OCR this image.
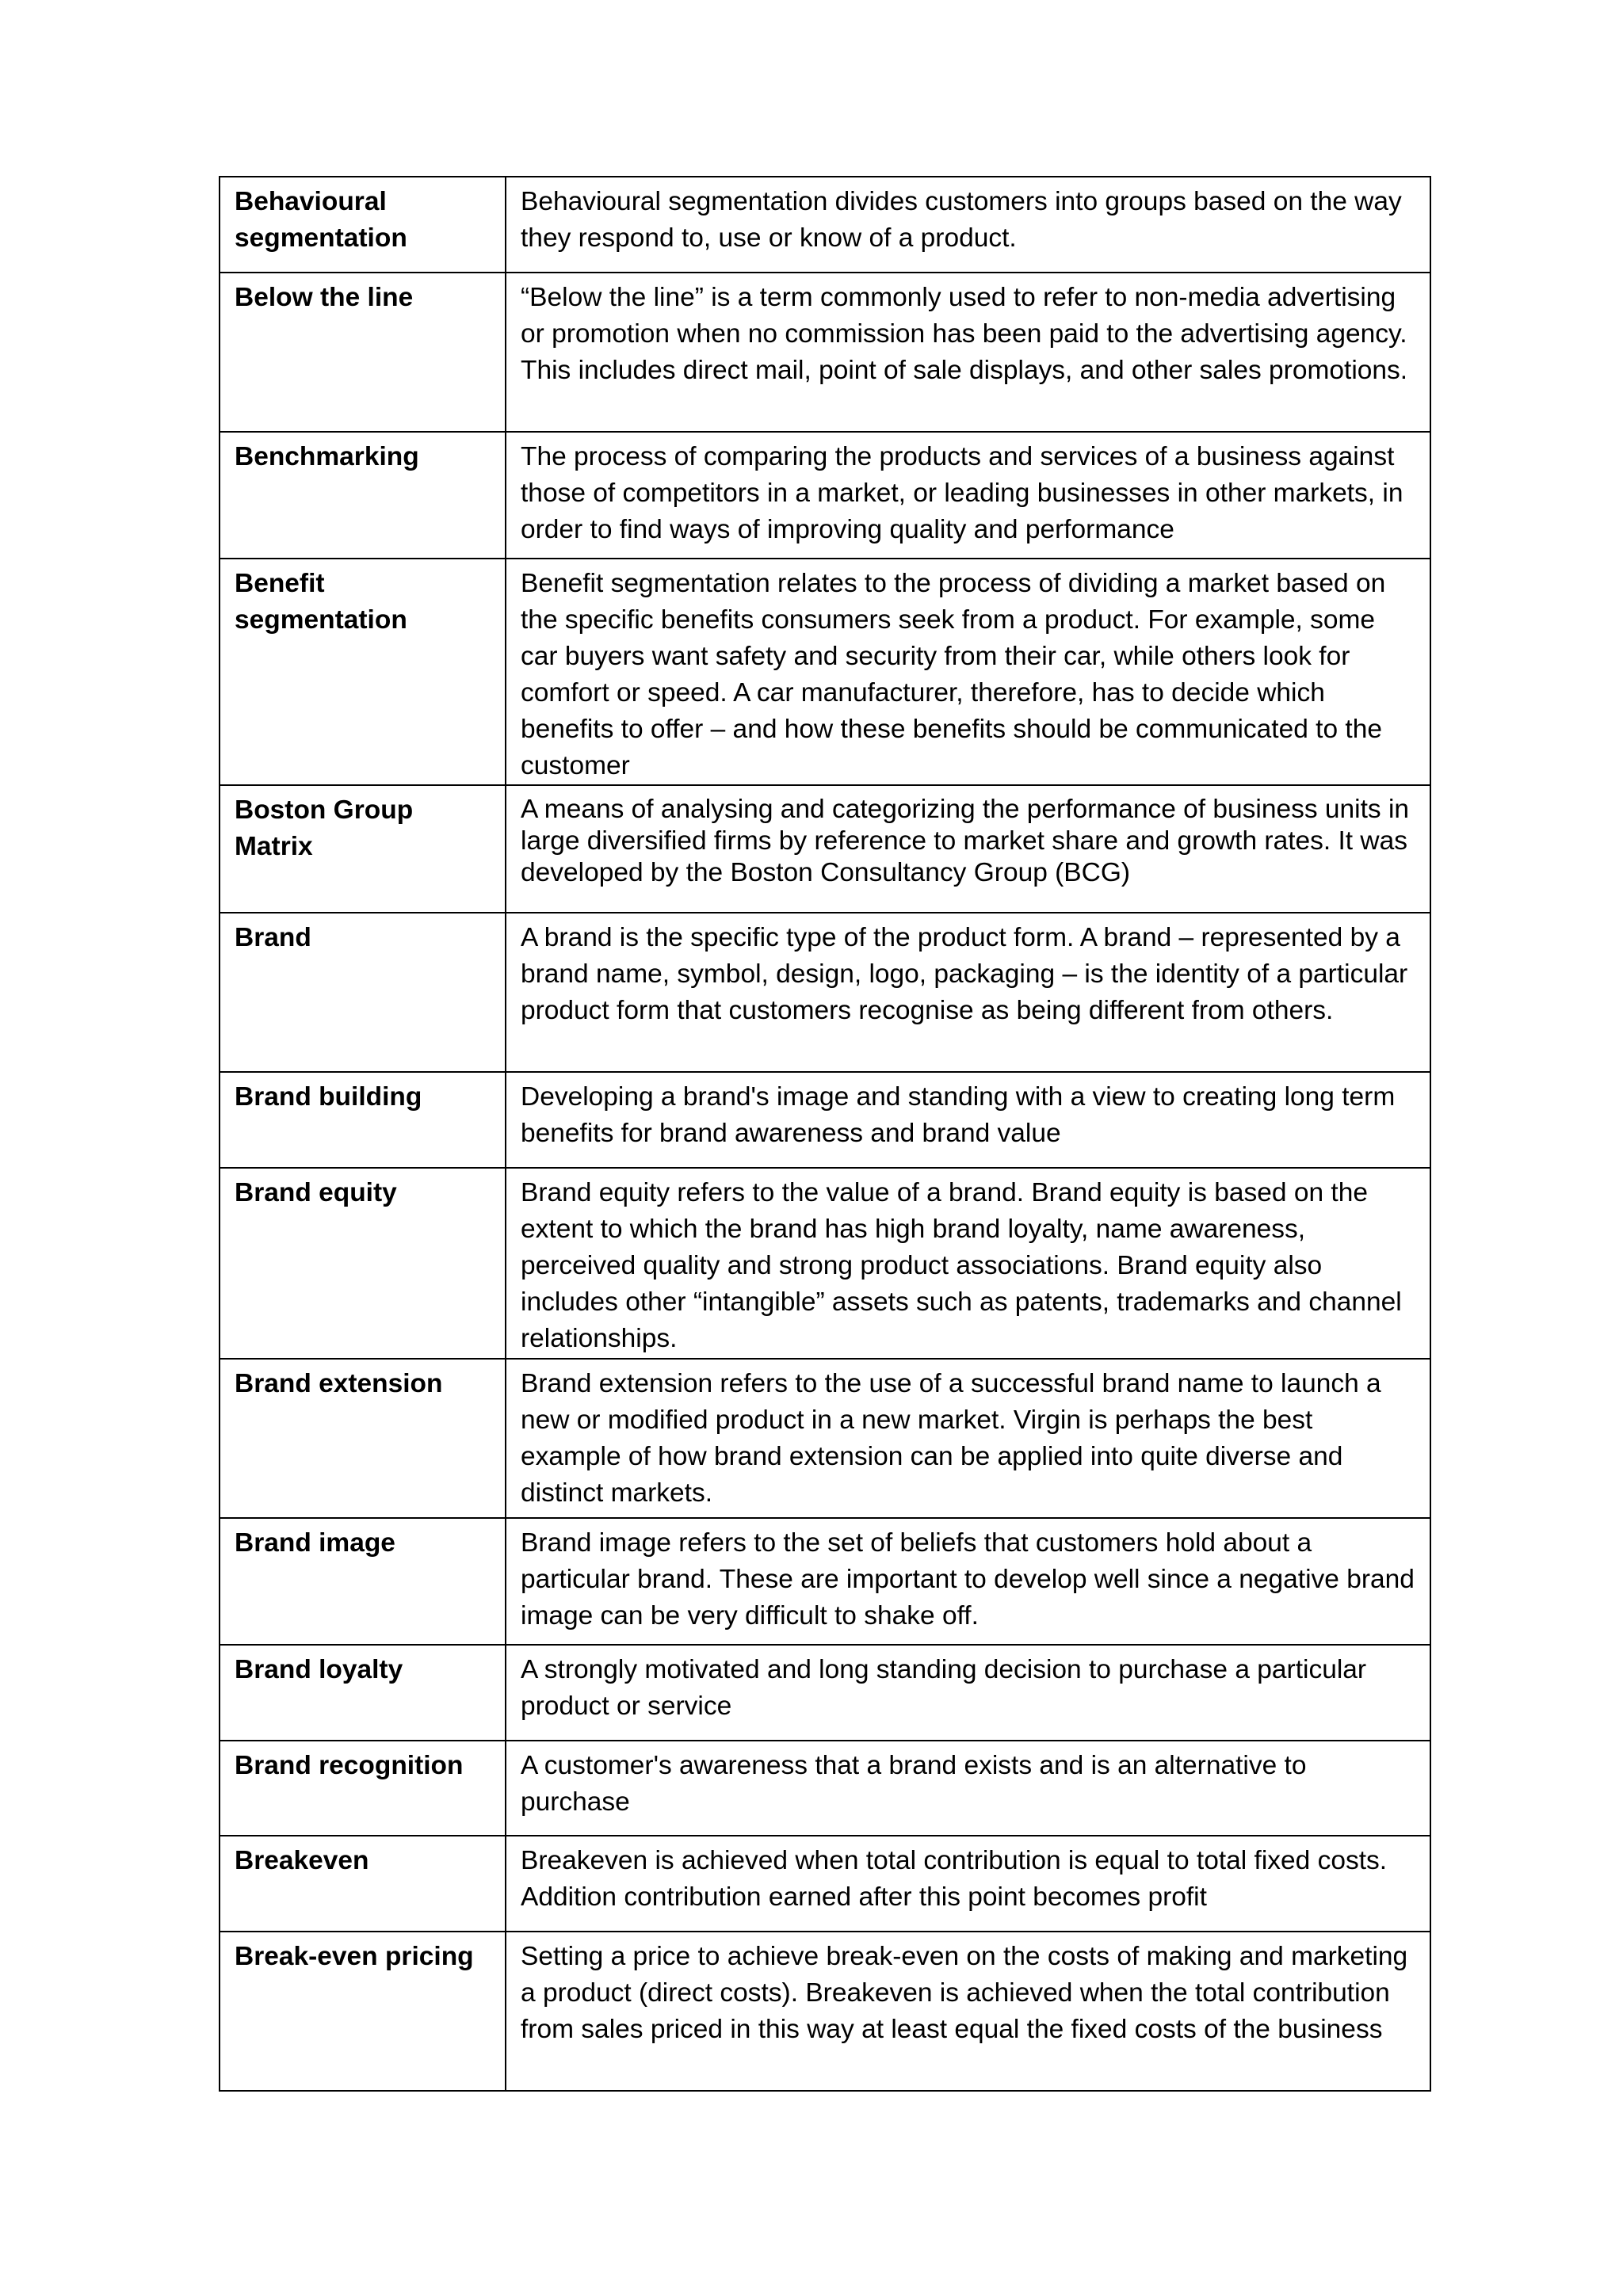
Behavioural segmentation	Behavioural segmentation divides customers into groups based on the way they respond to, use or know of a product.
Below the line	“Below the line” is a term commonly used to refer to non-media advertising or promotion when no commission has been paid to the advertising agency. This includes direct mail, point of sale displays, and other sales promotions.
Benchmarking	The process of comparing the products and services of a business against those of competitors in a market, or leading businesses in other markets, in order to find ways of improving quality and performance
Benefit segmentation	Benefit segmentation relates to the process of dividing a market based on the specific benefits consumers seek from a product. For example, some car buyers want safety and security from their car, while others look for comfort or speed. A car manufacturer, therefore, has to decide which benefits to offer – and how these benefits should be communicated to the customer
Boston Group Matrix	A means of analysing and categorizing the performance of business units in large diversified firms by reference to market share and growth rates. It was developed by the Boston Consultancy Group (BCG)
Brand	A brand is the specific type of the product form. A brand – represented by a brand name, symbol, design, logo, packaging – is the identity of a particular product form that customers recognise as being different from others.
Brand building	Developing a brand's image and standing with a view to creating long term benefits for brand awareness and brand value
Brand equity	Brand equity refers to the value of a brand. Brand equity is based on the extent to which the brand has high brand loyalty, name awareness, perceived quality and strong product associations. Brand equity also includes other “intangible” assets such as patents, trademarks and channel relationships.
Brand extension	Brand extension refers to the use of a successful brand name to launch a new or modified product in a new market. Virgin is perhaps the best example of how brand extension can be applied into quite diverse and distinct markets.
Brand image	Brand image refers to the set of beliefs that customers hold about a particular brand. These are important to develop well since a negative brand image can be very difficult to shake off.
Brand loyalty	A strongly motivated and long standing decision to purchase a particular product or service
Brand recognition	A customer's awareness that a brand exists and is an alternative to purchase
Breakeven	Breakeven is achieved when total contribution is equal to total fixed costs. Addition contribution earned after this point becomes profit
Break-even pricing	Setting a price to achieve break-even on the costs of making and marketing a product (direct costs). Breakeven is achieved when the total contribution from sales priced in this way at least equal the fixed costs of the business
